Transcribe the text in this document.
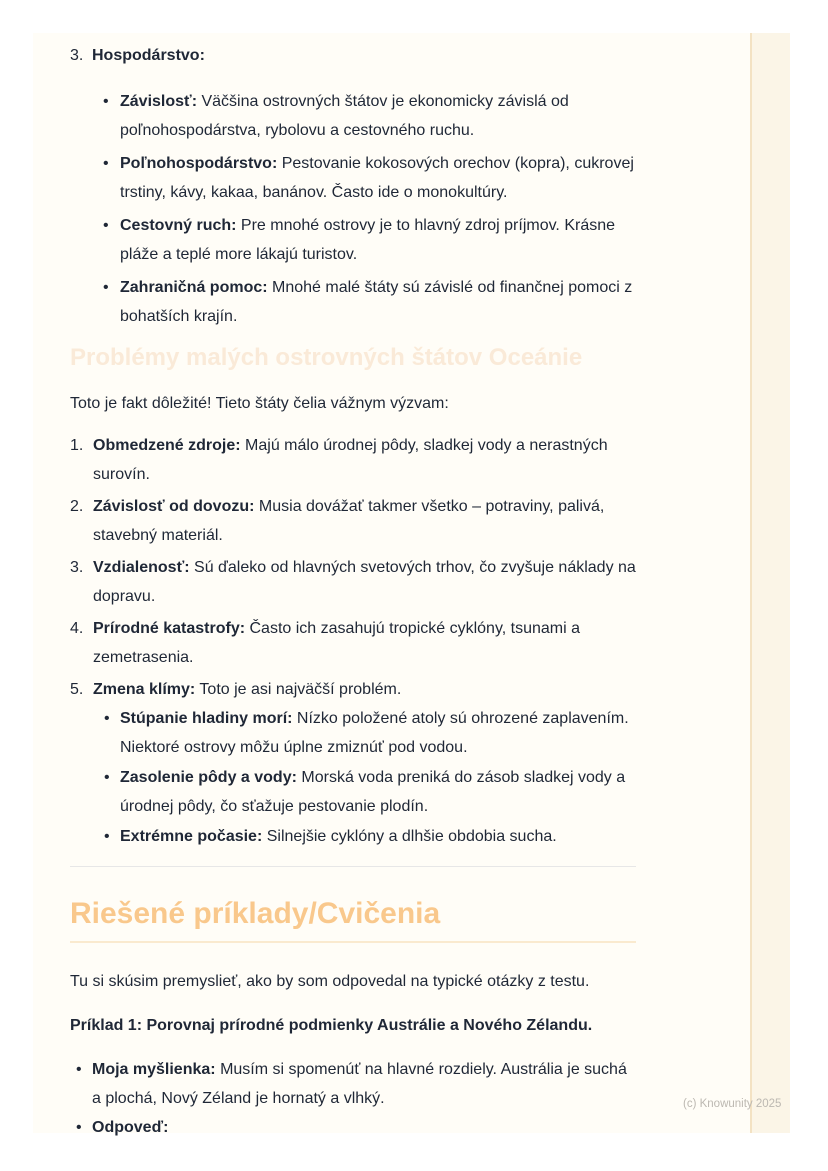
3. Hospodárstvo:
• Závislosť: Väčšina ostrovných štátov je ekonomicky závislá od poľnohospodárstva, rybolovu a cestovného ruchu.
• Poľnohospodárstvo: Pestovanie kokosových orechov (kopra), cukrovej trstiny, kávy, kakaa, banánov. Často ide o monokultúry.
• Cestovný ruch: Pre mnohé ostrovy je to hlavný zdroj príjmov. Krásne pláže a teplé more lákajú turistov.
• Zahraničná pomoc: Mnohé malé štáty sú závislé od finančnej pomoci z bohatších krajín.
Problémy malých ostrovných štátov Oceánie

Toto je fakt dôležité! Tieto štáty čelia vážnym výzvam:

1. Obmedzené zdroje: Majú málo úrodnej pôdy, sladkej vody a nerastných surovín.
2. Závislosť od dovozu: Musia dovážať takmer všetko – potraviny, palivá, stavebný materiál.
3. Vzdialenosť: Sú ďaleko od hlavných svetových trhov, čo zvyšuje náklady na dopravu.
4. Prírodné katastrofy: Často ich zasahujú tropické cyklóny, tsunami a zemetrasenia.
5. Zmena klímy: Toto je asi najväčší problém.
• Stúpanie hladiny morí: Nízko položené atoly sú ohrozené zaplavením. Niektoré ostrovy môžu úplne zmiznúť pod vodou.
• Zasolenie pôdy a vody: Morská voda preniká do zásob sladkej vody a úrodnej pôdy, čo sťažuje pestovanie plodín.
• Extrémne počasie: Silnejšie cyklóny a dlhšie obdobia sucha.
Riešené príklady/Cvičenia

Tu si skúsim premyslieť, ako by som odpovedal na typické otázky z testu.

Príklad 1: Porovnaj prírodné podmienky Austrálie a Nového Zélandu.

• Moja myšlienka: Musím si spomenúť na hlavné rozdiely. Austrália je suchá a plochá, Nový Zéland je hornatý a vlhký.
• Odpoveď:
(c) Knowunity 2025
